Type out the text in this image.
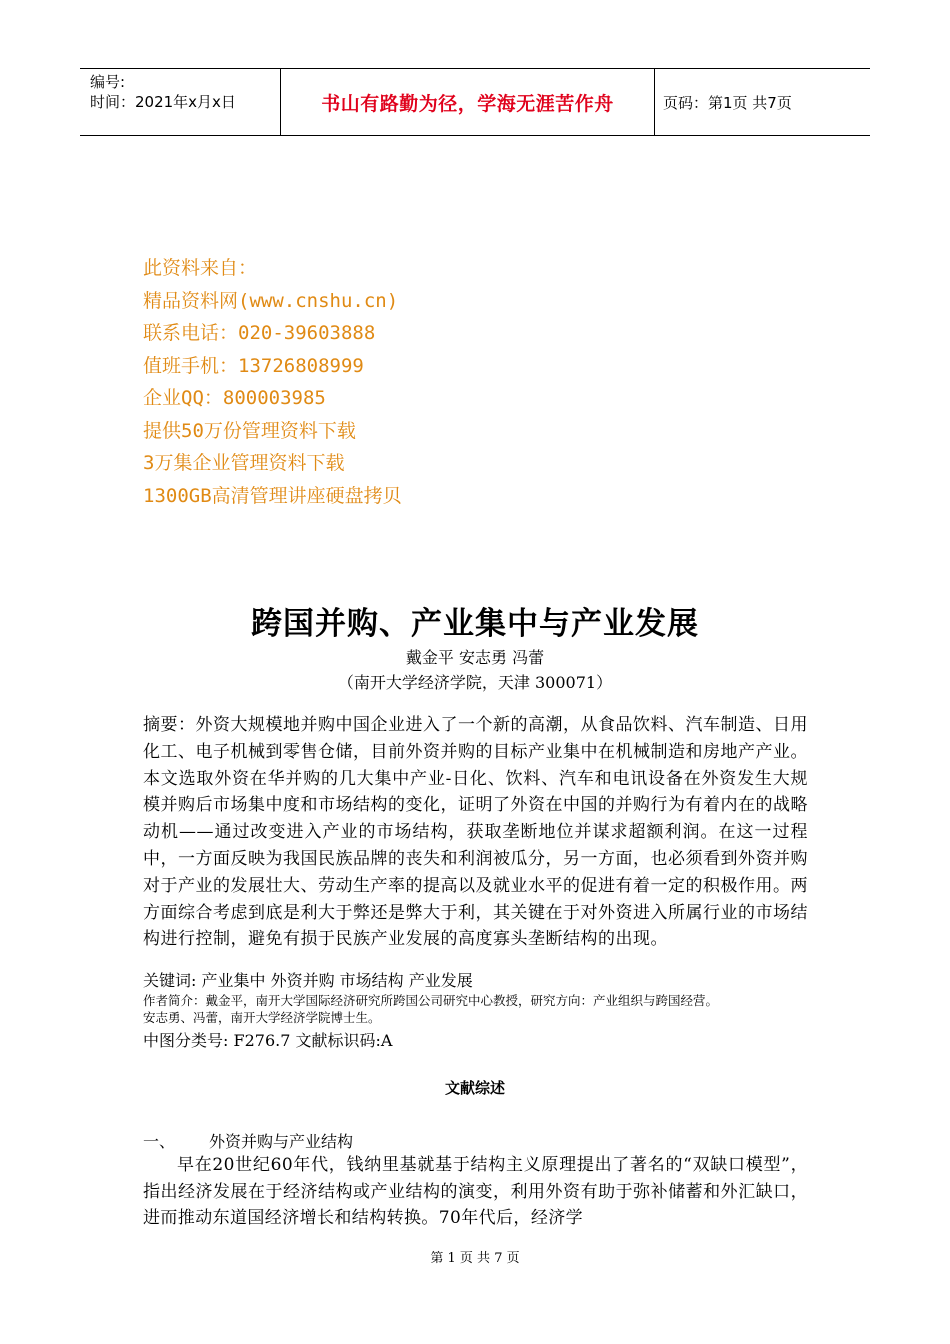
编号:
时间：2021年x月x日	书山有路勤为径，学海无涯苦作舟	页码：第1页 共7页
此资料来自：
精品资料网(www.cnshu.cn)
联系电话：020-39603888
值班手机：13726808999
企业QQ：800003985
提供50万份管理资料下载
3万集企业管理资料下载
1300GB高清管理讲座硬盘拷贝
跨国并购、产业集中与产业发展
戴金平 安志勇 冯蕾
（南开大学经济学院，天津 300071）
摘要：外资大规模地并购中国企业进入了一个新的高潮，从食品饮料、汽车制造、日用化工、电子机械到零售仓储，目前外资并购的目标产业集中在机械制造和房地产产业。本文选取外资在华并购的几大集中产业-日化、饮料、汽车和电讯设备在外资发生大规模并购后市场集中度和市场结构的变化，证明了外资在中国的并购行为有着内在的战略动机——通过改变进入产业的市场结构，获取垄断地位并谋求超额利润。在这一过程中，一方面反映为我国民族品牌的丧失和利润被瓜分，另一方面，也必须看到外资并购对于产业的发展壮大、劳动生产率的提高以及就业水平的促进有着一定的积极作用。两方面综合考虑到底是利大于弊还是弊大于利，其关键在于对外资进入所属行业的市场结构进行控制，避免有损于民族产业发展的高度寡头垄断结构的出现。
关键词: 产业集中 外资并购 市场结构 产业发展
作者简介：戴金平，南开大学国际经济研究所跨国公司研究中心教授，研究方向：产业组织与跨国经营。
安志勇、冯蕾，南开大学经济学院博士生。
中图分类号: F276.7 文献标识码:A
文献综述
一、 外资并购与产业结构
早在20世纪60年代，钱纳里基就基于结构主义原理提出了著名的“双缺口模型”，指出经济发展在于经济结构或产业结构的演变，利用外资有助于弥补储蓄和外汇缺口，进而推动东道国经济增长和结构转换。70年代后，经济学
第 1 页 共 7 页
